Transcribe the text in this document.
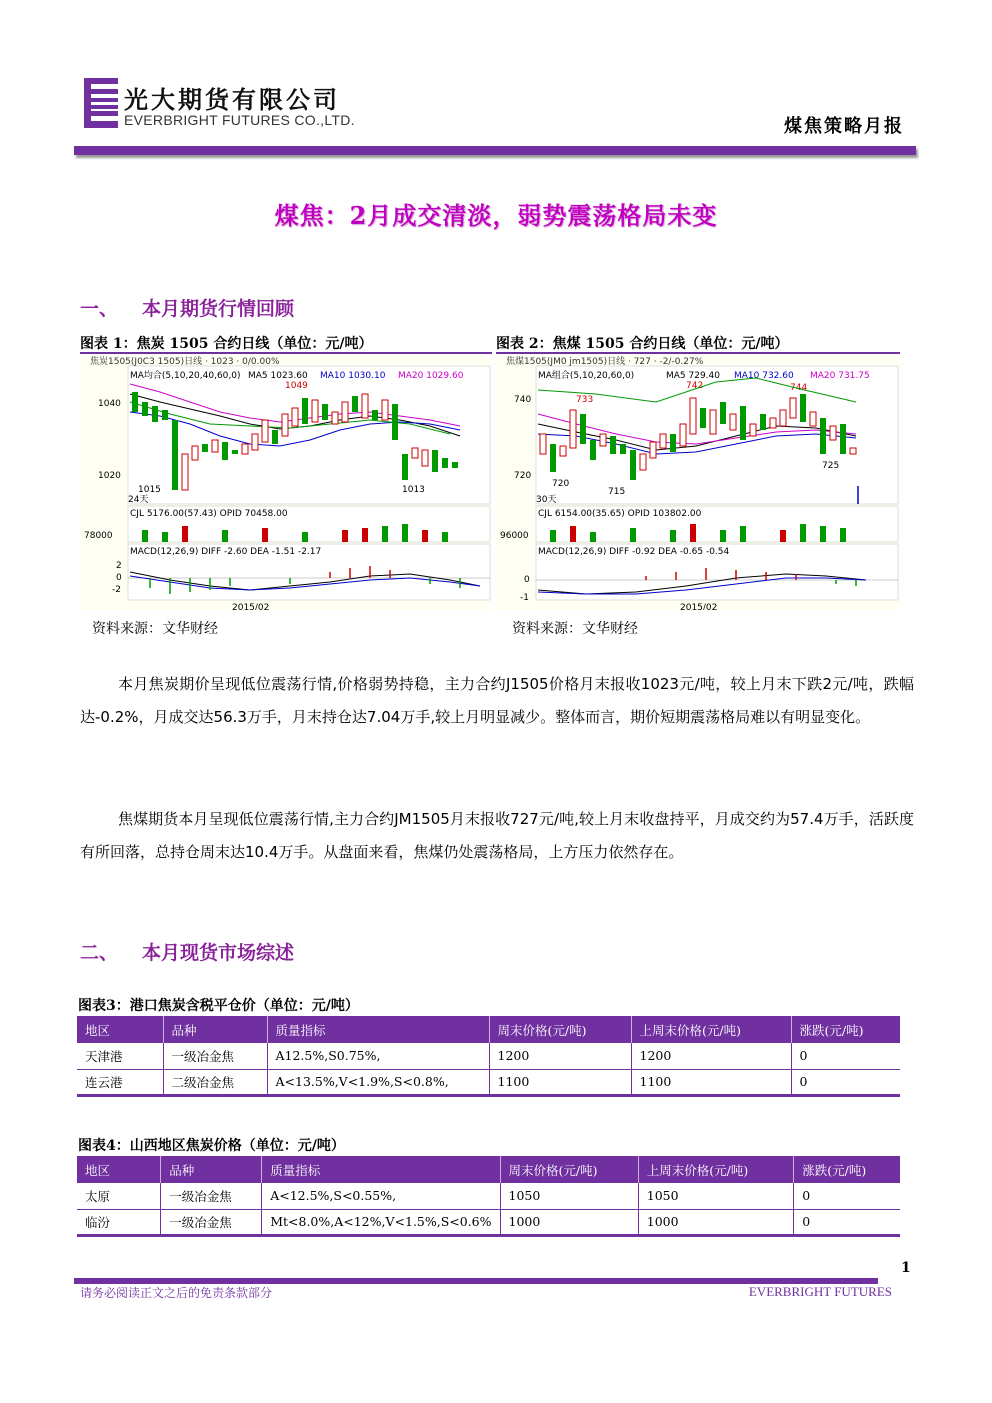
光大期货有限公司
EVERBRIGHT FUTURES CO.,LTD.	煤焦策略月报
煤焦：2月成交清淡，弱势震荡格局未变
一、 本月期货行情回顾
图表 1：焦炭 1505 合约日线（单位：元/吨）	图表 2：焦煤 1505 合约日线（单位：元/吨）
焦炭1505(J0C3 1505)日线 · 1023 · 0/0.00%
MA均合(5,10,20,40,60,0) MA5 1023.60 MA10 1030.10 MA20 1029.60
1040
1020
1049
1015	1013
24天
CJL 5176.00(57.43) OPID 70458.00
78000
MACD(12,26,9) DIFF -2.60 DEA -1.51 -2.17
2
0
-2
2015/02
焦煤1505(JM0 jm1505)日线 · 727 · -2/-0.27%
MA组合(5,10,20,60,0)	MA5 729.40 MA10 732.60 MA20 731.75
740
720
733
742	744
720
715
725
30天
CJL 6154.00(35.65) OPID 103802.00
96000
MACD(12,26,9) DIFF -0.92 DEA -0.65 -0.54
0
-1
2015/02
资料来源：文华财经	资料来源：文华财经

本月焦炭期价呈现低位震荡行情,价格弱势持稳，主力合约J1505价格月末报收1023元/吨，较上月末下跌2元/吨，跌幅达-0.2%，月成交达56.3万手，月末持仓达7.04万手,较上月明显减少。整体而言，期价短期震荡格局难以有明显变化。

焦煤期货本月呈现低位震荡行情,主力合约JM1505月末报收727元/吨,较上月末收盘持平，月成交约为57.4万手，活跃度有所回落，总持仓周末达10.4万手。从盘面来看，焦煤仍处震荡格局，上方压力依然存在。

二、 本月现货市场综述
图表3：港口焦炭含税平仓价（单位：元/吨）
地区	品种	质量指标	周末价格(元/吨)	上周末价格(元/吨)	涨跌(元/吨)
天津港	一级冶金焦	A12.5%,S0.75%,	1200	1200	0
连云港	二级冶金焦	A<13.5%,V<1.9%,S<0.8%,	1100	1100	0
图表4：山西地区焦炭价格（单位：元/吨）
地区	品种	质量指标	周末价格(元/吨)	上周末价格(元/吨)	涨跌(元/吨)
太原	一级冶金焦	A<12.5%,S<0.55%,	1050	1050	0
临汾	一级冶金焦	Mt<8.0%,A<12%,V<1.5%,S<0.6%	1000	1000	0
1
请务必阅读正文之后的免责条款部分	EVERBRIGHT FUTURES
